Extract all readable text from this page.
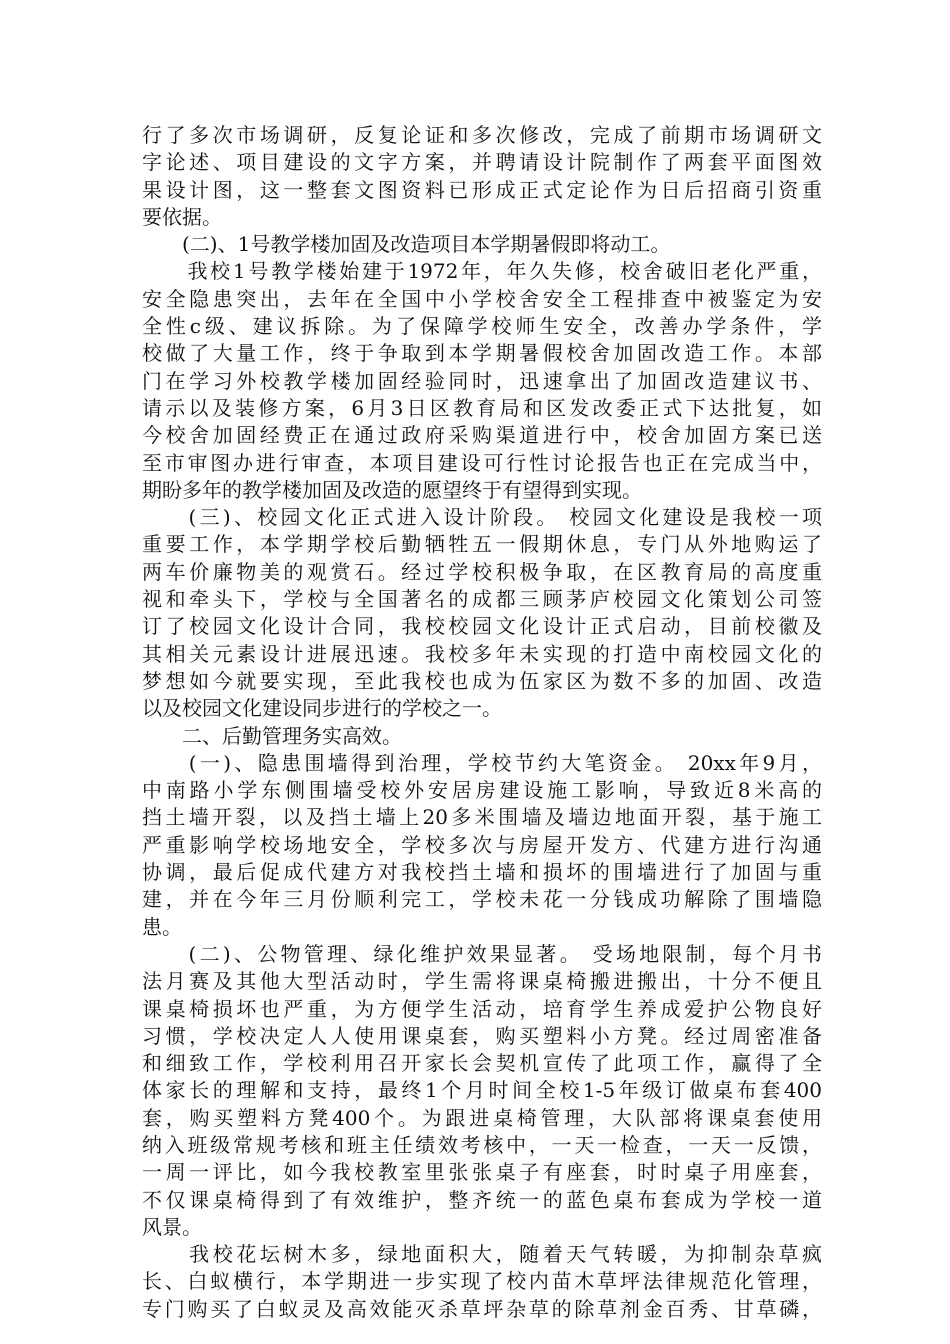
行了多次市场调研，反复论证和多次修改，完成了前期市场调研文
字论述、项目建设的文字方案，并聘请设计院制作了两套平面图效
果设计图，这一整套文图资料已形成正式定论作为日后招商引资重
要依据。
　　(二)、1号教学楼加固及改造项目本学期暑假即将动工。
　　我校1号教学楼始建于1972年，年久失修，校舍破旧老化严重，
安全隐患突出，去年在全国中小学校舍安全工程排查中被鉴定为安
全性c级、建议拆除。为了保障学校师生安全，改善办学条件，学
校做了大量工作，终于争取到本学期暑假校舍加固改造工作。本部
门在学习外校教学楼加固经验同时，迅速拿出了加固改造建议书、
请示以及装修方案，6月3日区教育局和区发改委正式下达批复，如
今校舍加固经费正在通过政府采购渠道进行中，校舍加固方案已送
至市审图办进行审查，本项目建设可行性讨论报告也正在完成当中，
期盼多年的教学楼加固及改造的愿望终于有望得到实现。
　　(三)、校园文化正式进入设计阶段。 校园文化建设是我校一项
重要工作，本学期学校后勤牺牲五一假期休息，专门从外地购运了
两车价廉物美的观赏石。经过学校积极争取，在区教育局的高度重
视和牵头下，学校与全国著名的成都三顾茅庐校园文化策划公司签
订了校园文化设计合同，我校校园文化设计正式启动，目前校徽及
其相关元素设计进展迅速。我校多年未实现的打造中南校园文化的
梦想如今就要实现，至此我校也成为伍家区为数不多的加固、改造
以及校园文化建设同步进行的学校之一。
　　二、后勤管理务实高效。
　　(一)、隐患围墙得到治理，学校节约大笔资金。 20xx年9月，
中南路小学东侧围墙受校外安居房建设施工影响，导致近8米高的
挡土墙开裂，以及挡土墙上20多米围墙及墙边地面开裂，基于施工
严重影响学校场地安全，学校多次与房屋开发方、代建方进行沟通
协调，最后促成代建方对我校挡土墙和损坏的围墙进行了加固与重
建，并在今年三月份顺利完工，学校未花一分钱成功解除了围墙隐
患。
　　(二)、公物管理、绿化维护效果显著。 受场地限制，每个月书
法月赛及其他大型活动时，学生需将课桌椅搬进搬出，十分不便且
课桌椅损坏也严重，为方便学生活动，培育学生养成爱护公物良好
习惯，学校决定人人使用课桌套，购买塑料小方凳。经过周密准备
和细致工作，学校利用召开家长会契机宣传了此项工作，赢得了全
体家长的理解和支持，最终1个月时间全校1-5年级订做桌布套400
套，购买塑料方凳400个。为跟进桌椅管理，大队部将课桌套使用
纳入班级常规考核和班主任绩效考核中，一天一检查，一天一反馈，
一周一评比，如今我校教室里张张桌子有座套，时时桌子用座套，
不仅课桌椅得到了有效维护，整齐统一的蓝色桌布套成为学校一道
风景。
　　我校花坛树木多，绿地面积大，随着天气转暖，为抑制杂草疯
长、白蚁横行，本学期进一步实现了校内苗木草坪法律规范化管理，
专门购买了白蚁灵及高效能灭杀草坪杂草的除草剂金百秀、甘草磷，
